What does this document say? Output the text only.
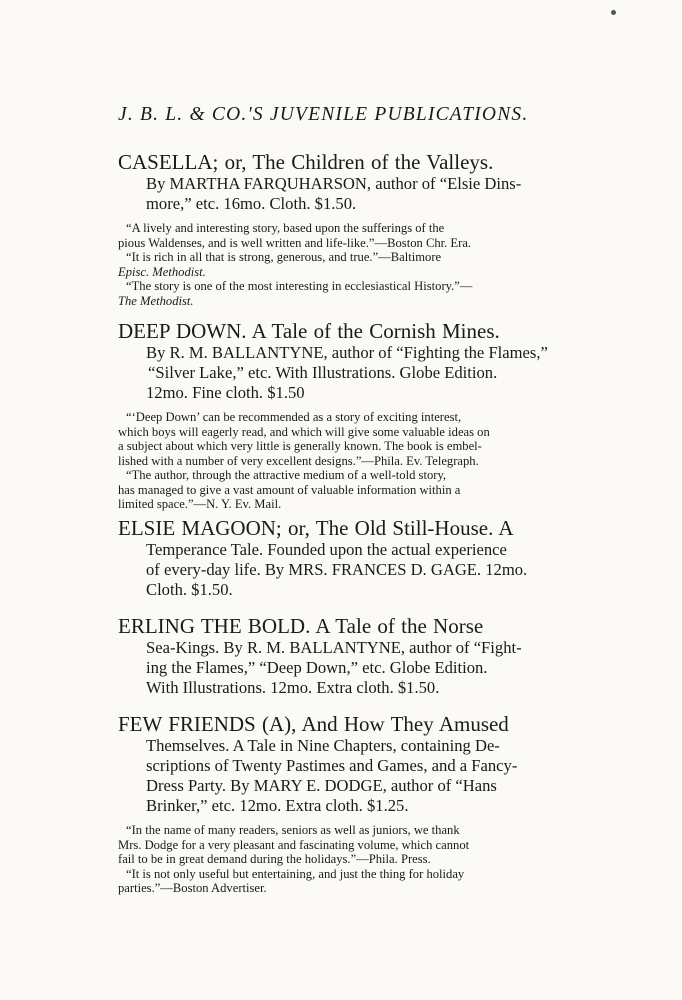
J. B. L. & CO.'S JUVENILE PUBLICATIONS.
CASELLA; or, The Children of the Valleys.
By MARTHA FARQUHARSON, author of “Elsie Dins-
more,” etc. 16mo. Cloth. $1.50.
“A lively and interesting story, based upon the sufferings of the
pious Waldenses, and is well written and life-like.”—Boston Chr. Era.
“It is rich in all that is strong, generous, and true.”—Baltimore
Episc. Methodist.
“The story is one of the most interesting in ecclesiastical History.”—
The Methodist.
DEEP DOWN. A Tale of the Cornish Mines.
By R. M. BALLANTYNE, author of “Fighting the Flames,”
“Silver Lake,” etc. With Illustrations. Globe Edition.
12mo. Fine cloth. $1.50
“‘Deep Down’ can be recommended as a story of exciting interest,
which boys will eagerly read, and which will give some valuable ideas on
a subject about which very little is generally known. The book is embel-
lished with a number of very excellent designs.”—Phila. Ev. Telegraph.
“The author, through the attractive medium of a well-told story,
has managed to give a vast amount of valuable information within a
limited space.”—N. Y. Ev. Mail.
ELSIE MAGOON; or, The Old Still-House. A
Temperance Tale. Founded upon the actual experience
of every-day life. By MRS. FRANCES D. GAGE. 12mo.
Cloth. $1.50.
ERLING THE BOLD. A Tale of the Norse
Sea-Kings. By R. M. BALLANTYNE, author of “Fight-
ing the Flames,” “Deep Down,” etc. Globe Edition.
With Illustrations. 12mo. Extra cloth. $1.50.
FEW FRIENDS (A), And How They Amused
Themselves. A Tale in Nine Chapters, containing De-
scriptions of Twenty Pastimes and Games, and a Fancy-
Dress Party. By MARY E. DODGE, author of “Hans
Brinker,” etc. 12mo. Extra cloth. $1.25.
“In the name of many readers, seniors as well as juniors, we thank
Mrs. Dodge for a very pleasant and fascinating volume, which cannot
fail to be in great demand during the holidays.”—Phila. Press.
“It is not only useful but entertaining, and just the thing for holiday
parties.”—Boston Advertiser.
